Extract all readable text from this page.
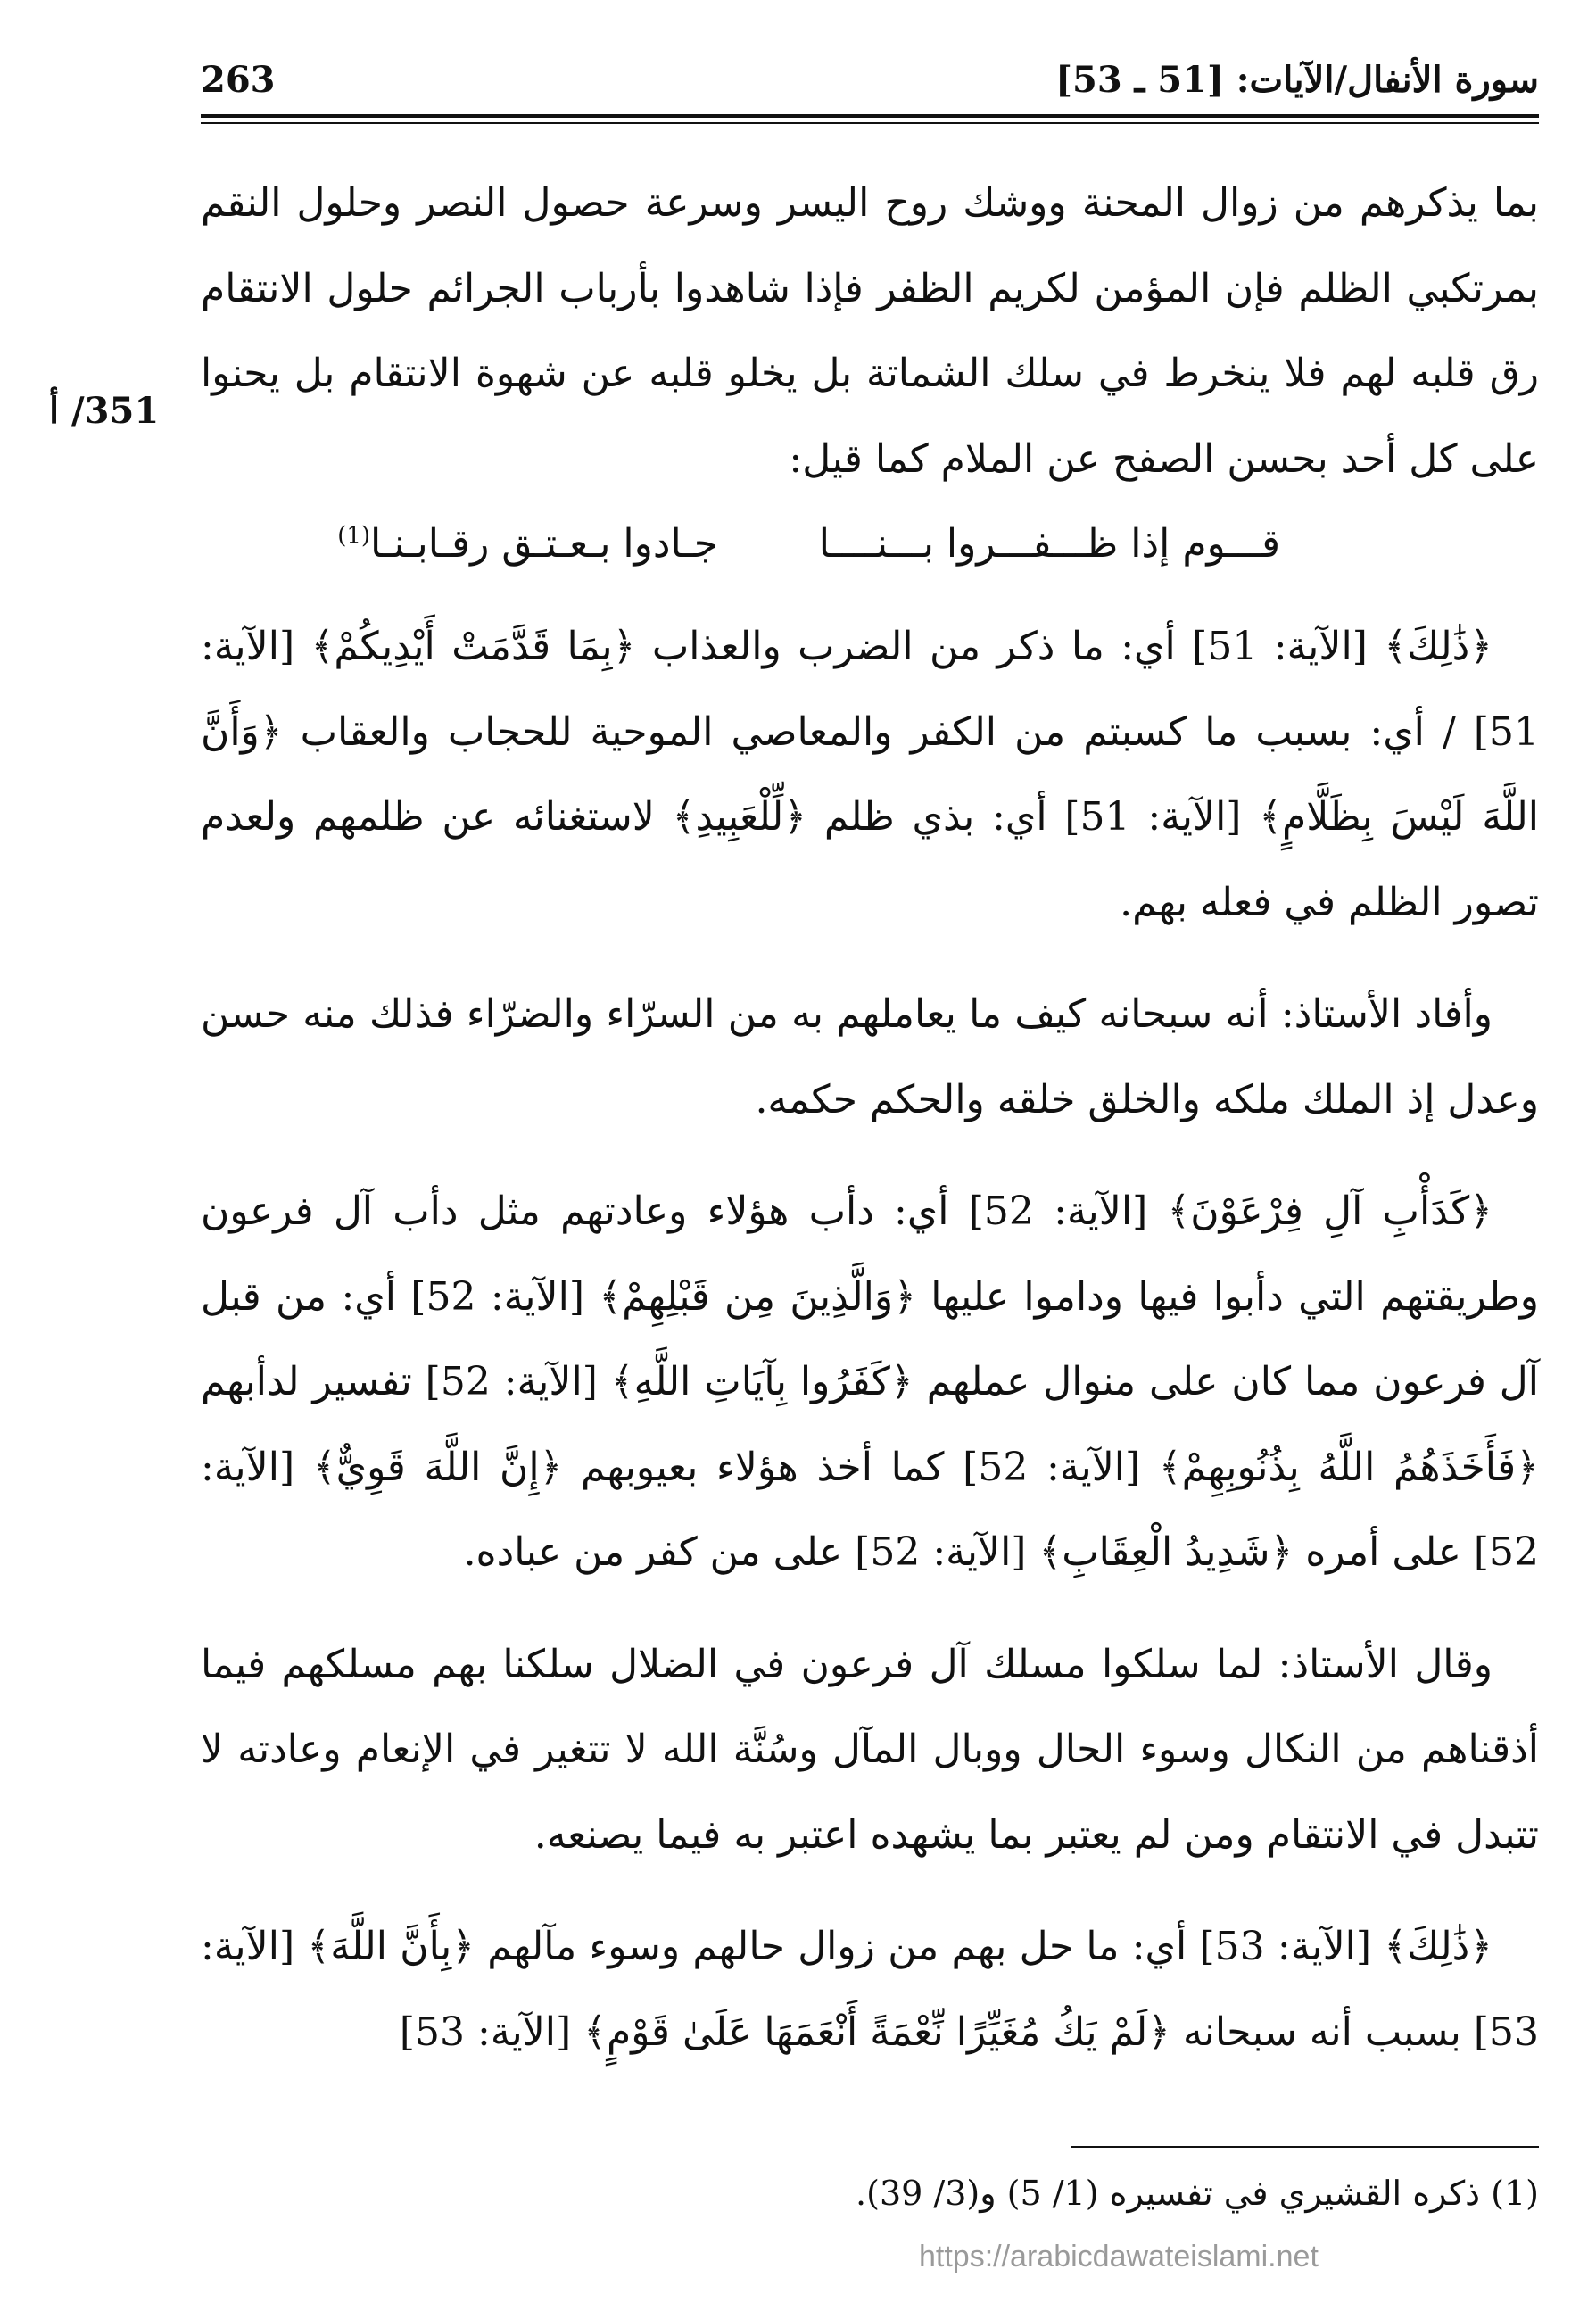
263	سورة الأنفال/الآيات: [51 ـ 53]
351/ أ

بما يذكرهم من زوال المحنة ووشك روح اليسر وسرعة حصول النصر وحلول النقم بمرتكبي الظلم فإن المؤمن لكريم الظفر فإذا شاهدوا بأرباب الجرائم حلول الانتقام رق قلبه لهم فلا ينخرط في سلك الشماتة بل يخلو قلبه عن شهوة الانتقام بل يحنوا على كل أحد بحسن الصفح عن الملام كما قيل:

قـــوم إذا ظـــفـــروا بـــنــــا
جـادوا بـعـتـق رقـابـنـا$^{(1)}$

﴿ذَٰلِكَ﴾ [الآية: 51] أي: ما ذكر من الضرب والعذاب ﴿بِمَا قَدَّمَتْ أَيْدِيكُمْ﴾ [الآية: 51] / أي: بسبب ما كسبتم من الكفر والمعاصي الموحية للحجاب والعقاب ﴿وَأَنَّ اللَّهَ لَيْسَ بِظَلَّامٍ﴾ [الآية: 51] أي: بذي ظلم ﴿لِّلْعَبِيدِ﴾ لاستغنائه عن ظلمهم ولعدم تصور الظلم في فعله بهم.

وأفاد الأستاذ: أنه سبحانه كيف ما يعاملهم به من السرّاء والضرّاء فذلك منه حسن وعدل إذ الملك ملكه والخلق خلقه والحكم حكمه.

﴿كَدَأْبِ آلِ فِرْعَوْنَ﴾ [الآية: 52] أي: دأب هؤلاء وعادتهم مثل دأب آل فرعون وطريقتهم التي دأبوا فيها وداموا عليها ﴿وَالَّذِينَ مِن قَبْلِهِمْ﴾ [الآية: 52] أي: من قبل آل فرعون مما كان على منوال عملهم ﴿كَفَرُوا بِآيَاتِ اللَّهِ﴾ [الآية: 52] تفسير لدأبهم ﴿فَأَخَذَهُمُ اللَّهُ بِذُنُوبِهِمْ﴾ [الآية: 52] كما أخذ هؤلاء بعيوبهم ﴿إِنَّ اللَّهَ قَوِيٌّ﴾ [الآية: 52] على أمره ﴿شَدِيدُ الْعِقَابِ﴾ [الآية: 52] على من كفر من عباده.

وقال الأستاذ: لما سلكوا مسلك آل فرعون في الضلال سلكنا بهم مسلكهم فيما أذقناهم من النكال وسوء الحال ووبال المآل وسُنَّة الله لا تتغير في الإنعام وعادته لا تتبدل في الانتقام ومن لم يعتبر بما يشهده اعتبر به فيما يصنعه.

﴿ذَٰلِكَ﴾ [الآية: 53] أي: ما حل بهم من زوال حالهم وسوء مآلهم ﴿بِأَنَّ اللَّهَ﴾ [الآية: 53] بسبب أنه سبحانه ﴿لَمْ يَكُ مُغَيِّرًا نِّعْمَةً أَنْعَمَهَا عَلَىٰ قَوْمٍ﴾ [الآية: 53]

(1) ذكره القشيري في تفسيره (1/ 5) و(3/ 39).
https://arabicdawateislami.net
